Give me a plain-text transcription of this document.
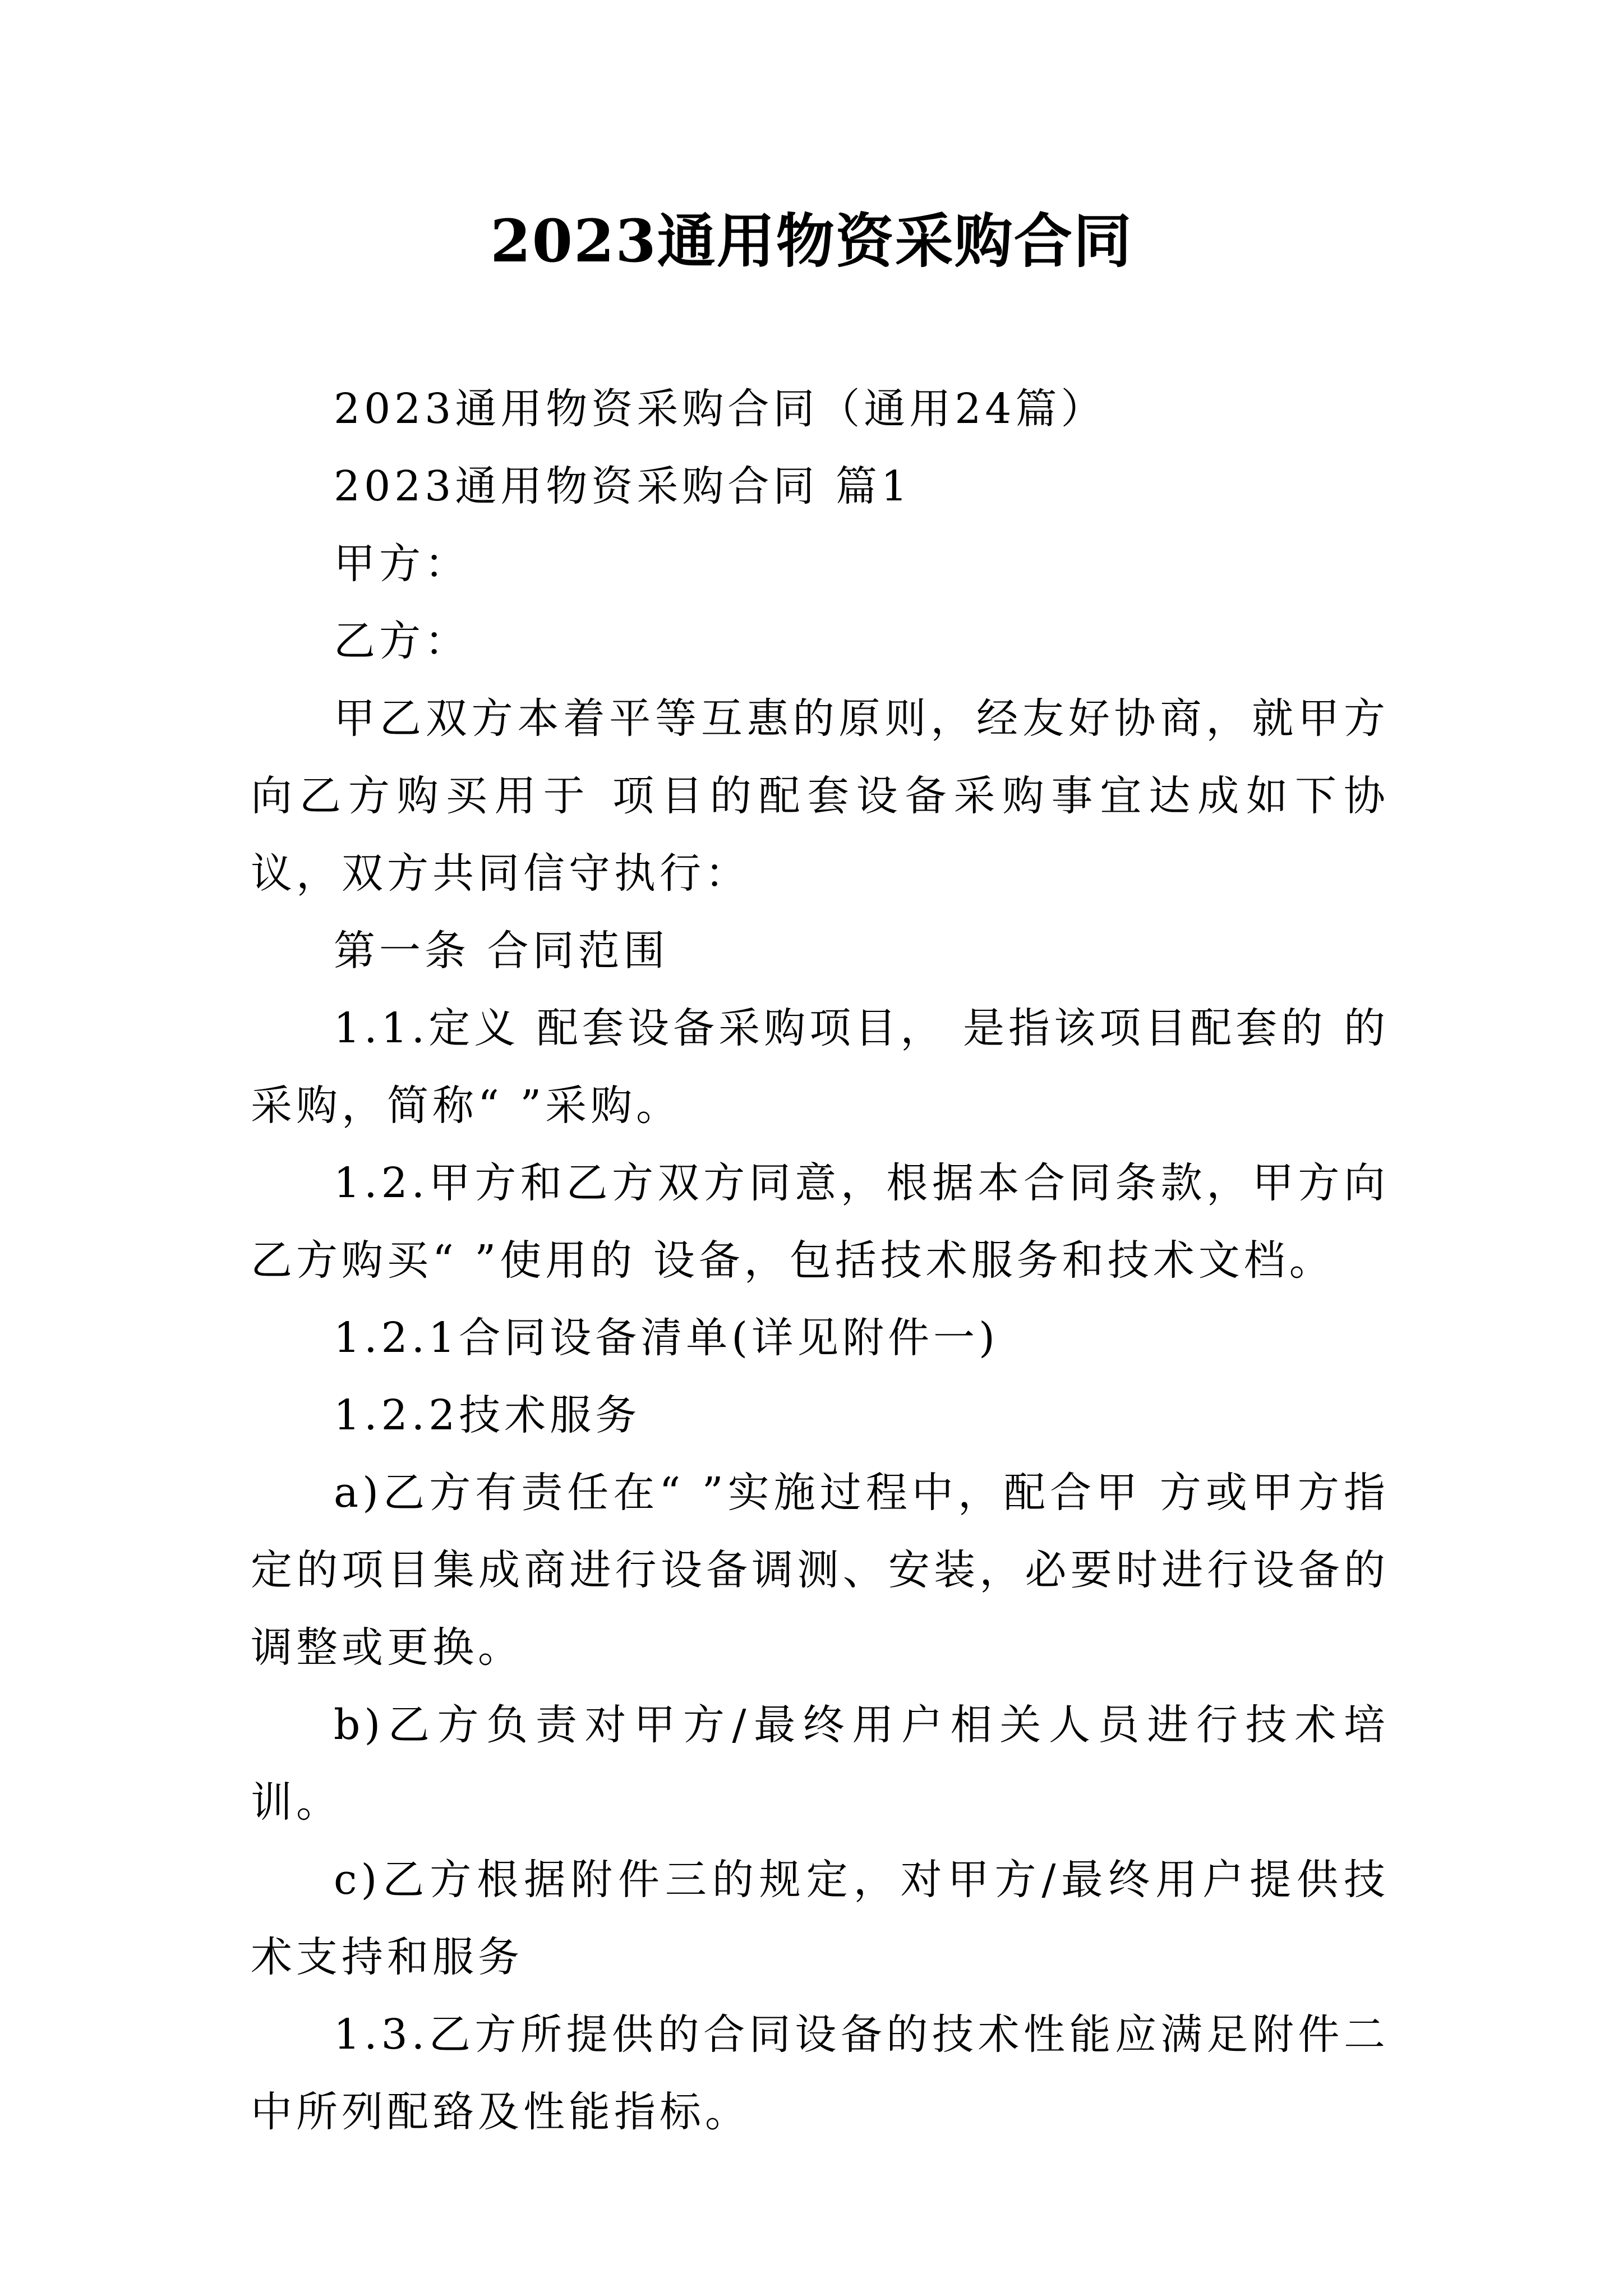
2023通用物资采购合同

2023通用物资采购合同（通用24篇）

2023通用物资采购合同 篇1

甲方：

乙方：

甲乙双方本着平等互惠的原则，经友好协商，就甲方向乙方购买用于 项目的配套设备采购事宜达成如下协议，双方共同信守执行：

第一条 合同范围

1.1.定义 配套设备采购项目， 是指该项目配套的 的采购，简称“ ”采购。

1.2.甲方和乙方双方同意，根据本合同条款，甲方向乙方购买“ ”使用的 设备，包括技术服务和技术文档。

1.2.1合同设备清单(详见附件一)

1.2.2技术服务

a)乙方有责任在“ ”实施过程中，配合甲 方或甲方指定的项目集成商进行设备调测、安装，必要时进行设备的调整或更换。

b)乙方负责对甲方/最终用户相关人员进行技术培训。

c)乙方根据附件三的规定，对甲方/最终用户提供技术支持和服务

1.3.乙方所提供的合同设备的技术性能应满足附件二中所列配臵及性能指标。
